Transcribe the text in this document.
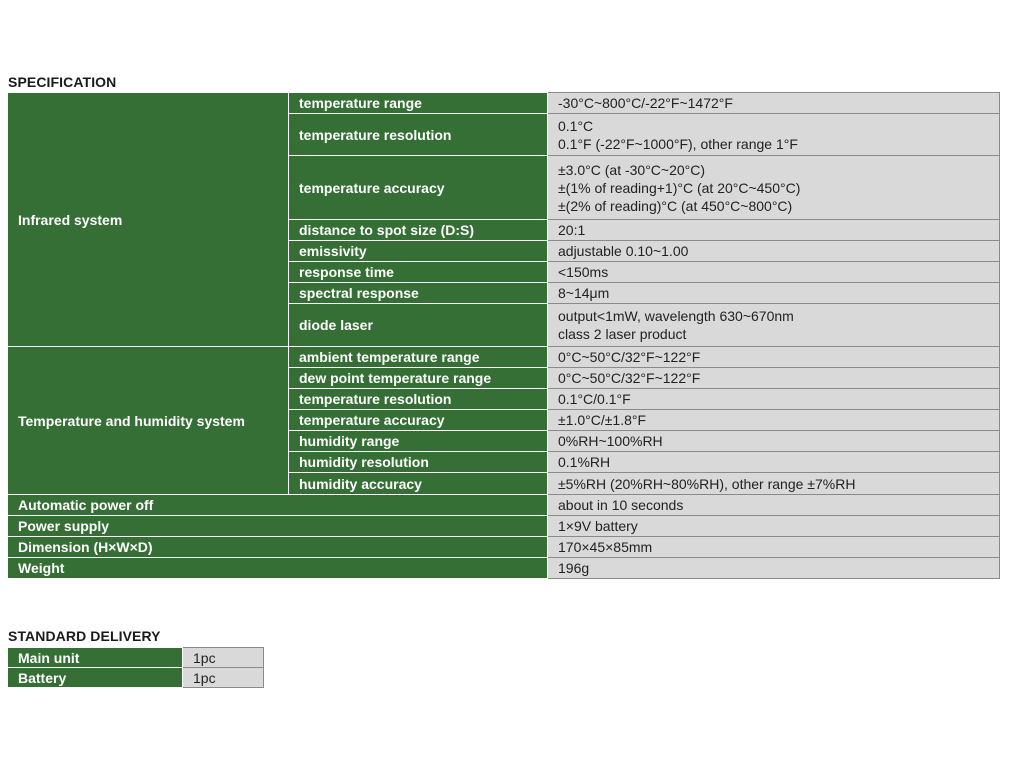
SPECIFICATION
Infrared system	temperature range	-30°C~800°C/-22°F~1472°F

	temperature resolution	0.1°C
0.1°F (-22°F~1000°F), other range 1°F

	temperature accuracy	±3.0°C (at -30°C~20°C)
±(1% of reading+1)°C (at 20°C~450°C)
±(2% of reading)°C (at 450°C~800°C)

	distance to spot size (D:S)	20:1

	emissivity	adjustable 0.10~1.00

	response time	<150ms

	spectral response	8~14μm

	diode laser	output<1mW, wavelength 630~670nm
class 2 laser product

Temperature and humidity system	ambient temperature range	0°C~50°C/32°F~122°F

	dew point temperature range	0°C~50°C/32°F~122°F

	temperature resolution	0.1°C/0.1°F

	temperature accuracy	±1.0°C/±1.8°F

	humidity range	0%RH~100%RH

	humidity resolution	0.1%RH

	humidity accuracy	±5%RH (20%RH~80%RH), other range ±7%RH

Automatic power off		about in 10 seconds
Power supply		1×9V battery
Dimension (H×W×D)		170×45×85mm
Weight		196g
STANDARD DELIVERY
Main unit	1pc
Battery	1pc
